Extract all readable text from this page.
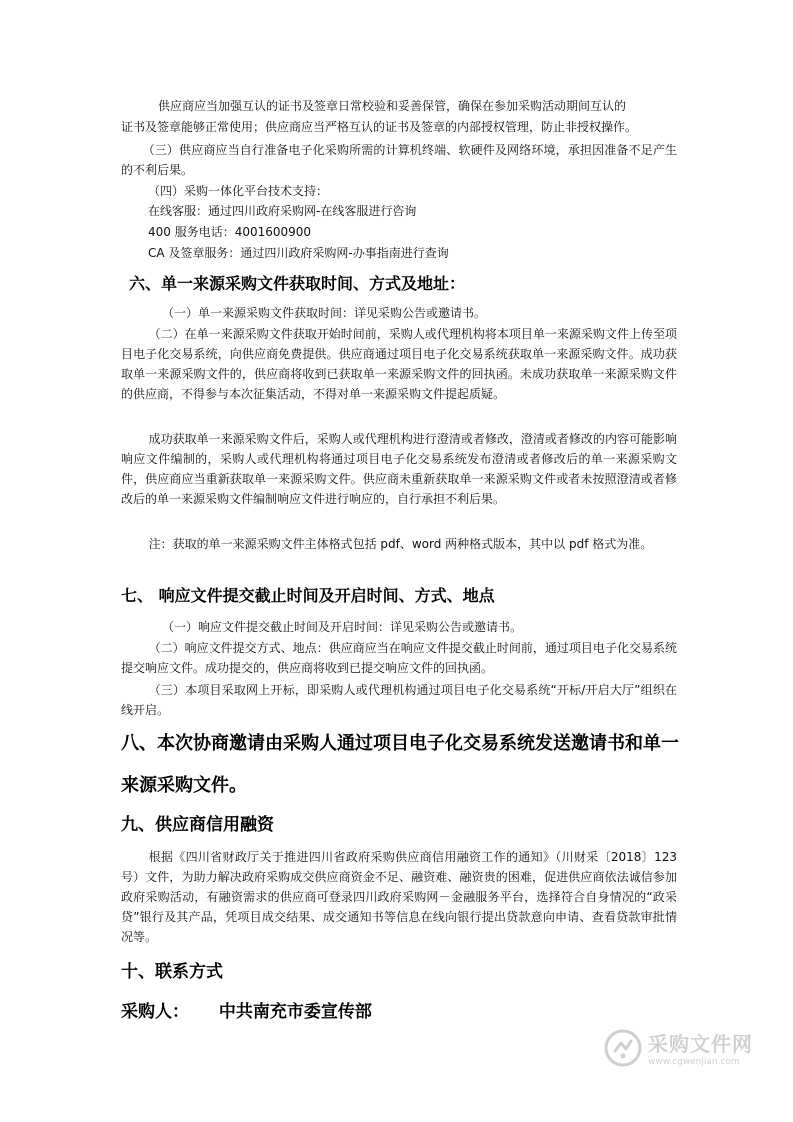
供应商应当加强互认的证书及签章日常校验和妥善保管，确保在参加采购活动期间互认的

证书及签章能够正常使用；供应商应当严格互认的证书及签章的内部授权管理，防止非授权操作。

（三）供应商应当自行准备电子化采购所需的计算机终端、软硬件及网络环境，承担因准备不足产生的不利后果。

（四）采购一体化平台技术支持：

在线客服：通过四川政府采购网-在线客服进行咨询

400 服务电话：4001600900

CA 及签章服务：通过四川政府采购网-办事指南进行查询

六、单一来源采购文件获取时间、方式及地址：

（一）单一来源采购文件获取时间：详见采购公告或邀请书。

（二）在单一来源采购文件获取开始时间前，采购人或代理机构将本项目单一来源采购文件上传至项目电子化交易系统，向供应商免费提供。供应商通过项目电子化交易系统获取单一来源采购文件。成功获取单一来源采购文件的，供应商将收到已获取单一来源采购文件的回执函。未成功获取单一来源采购文件的供应商，不得参与本次征集活动，不得对单一来源采购文件提起质疑。

成功获取单一来源采购文件后，采购人或代理机构进行澄清或者修改，澄清或者修改的内容可能影响响应文件编制的，采购人或代理机构将通过项目电子化交易系统发布澄清或者修改后的单一来源采购文件，供应商应当重新获取单一来源采购文件。供应商未重新获取单一来源采购文件或者未按照澄清或者修改后的单一来源采购文件编制响应文件进行响应的，自行承担不利后果。

注：获取的单一来源采购文件主体格式包括 pdf、word 两种格式版本，其中以 pdf 格式为准。

七、 响应文件提交截止时间及开启时间、方式、地点

（一）响应文件提交截止时间及开启时间：详见采购公告或邀请书。

（二）响应文件提交方式、地点：供应商应当在响应文件提交截止时间前，通过项目电子化交易系统提交响应文件。成功提交的，供应商将收到已提交响应文件的回执函。

（三）本项目采取网上开标，即采购人或代理机构通过项目电子化交易系统“开标/开启大厅”组织在线开启。

八、本次协商邀请由采购人通过项目电子化交易系统发送邀请书和单一来源采购文件。
九、供应商信用融资

根据《四川省财政厅关于推进四川省政府采购供应商信用融资工作的通知》（川财采〔2018〕123 号）文件，为助力解决政府采购成交供应商资金不足、融资难、融资贵的困难，促进供应商依法诚信参加政府采购活动，有融资需求的供应商可登录四川政府采购网－金融服务平台，选择符合自身情况的“政采贷”银行及其产品，凭项目成交结果、成交通知书等信息在线向银行提出贷款意向申请、查看贷款审批情况等。

十、联系方式
采购人： 中共南充市委宣传部
采购文件网
www.cgwenjian.com
